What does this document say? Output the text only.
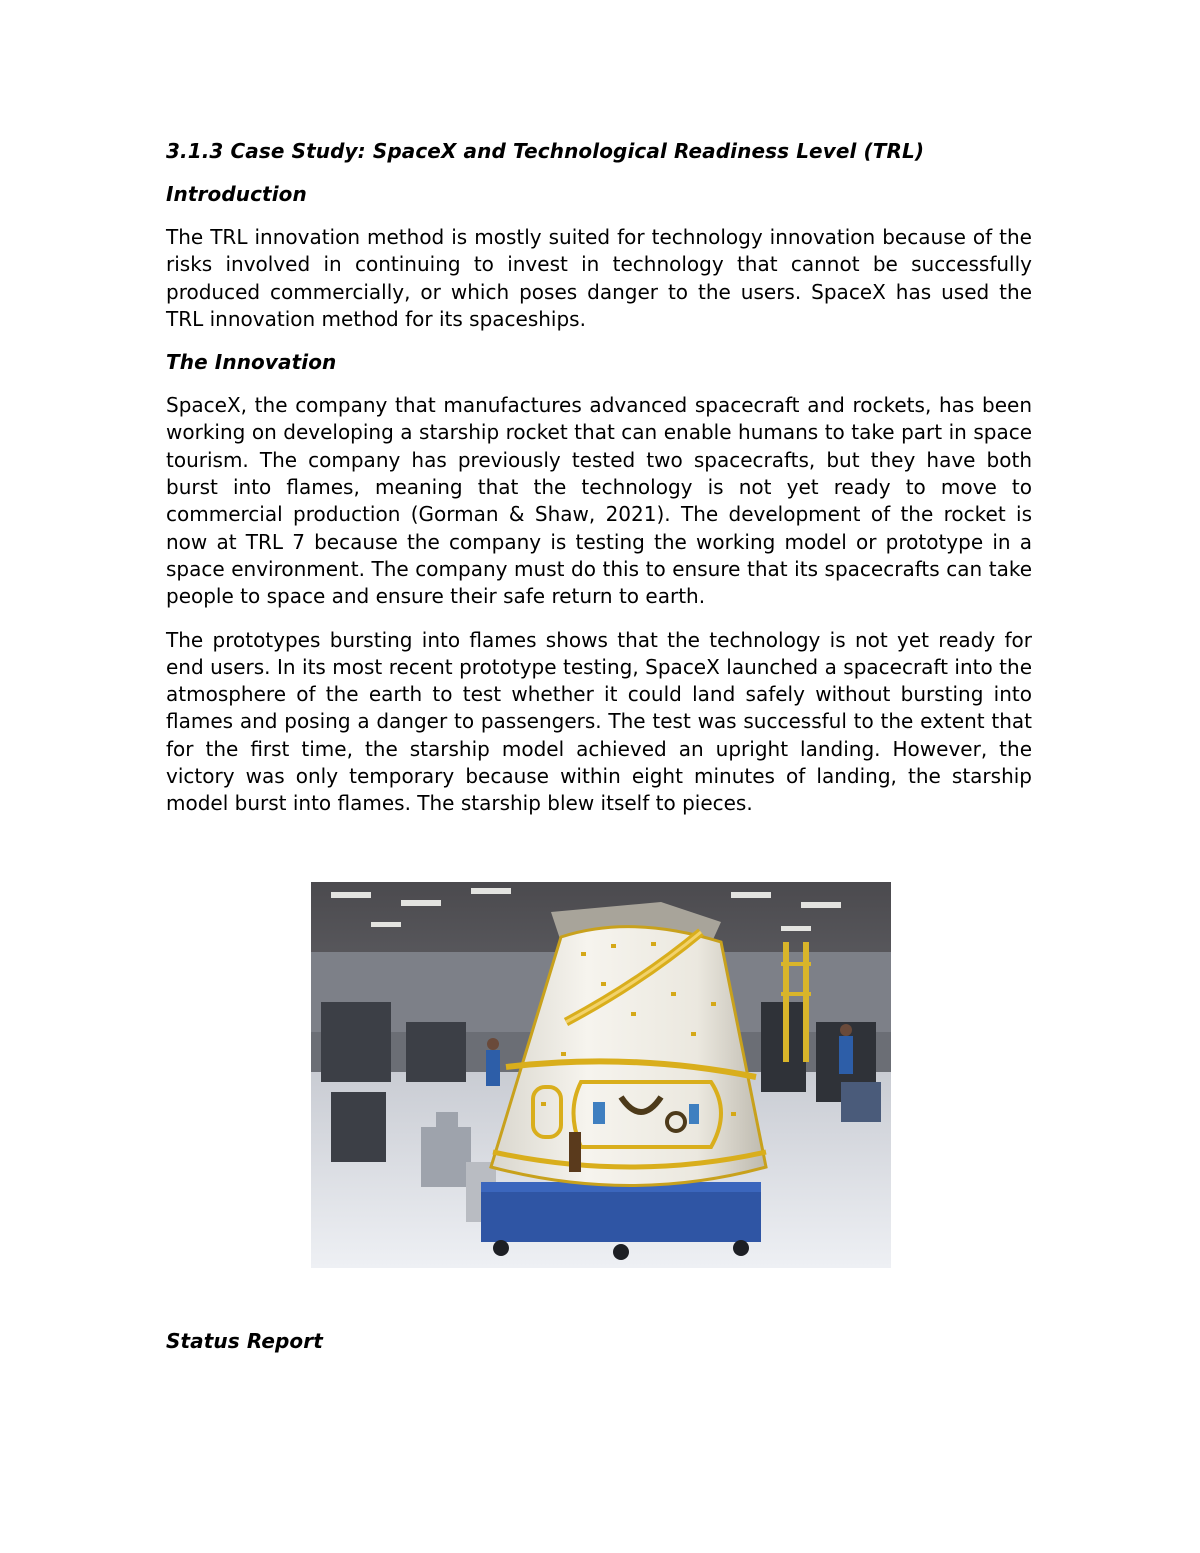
3.1.3 Case Study: SpaceX and Technological Readiness Level (TRL)

Introduction

The TRL innovation method is mostly suited for technology innovation because of the risks involved in continuing to invest in technology that cannot be successfully produced commercially, or which poses danger to the users. SpaceX has used the TRL innovation method for its spaceships.

The Innovation

SpaceX, the company that manufactures advanced spacecraft and rockets, has been working on developing a starship rocket that can enable humans to take part in space tourism. The company has previously tested two spacecrafts, but they have both burst into flames, meaning that the technology is not yet ready to move to commercial production (Gorman & Shaw, 2021). The development of the rocket is now at TRL 7 because the company is testing the working model or prototype in a space environment. The company must do this to ensure that its spacecrafts can take people to space and ensure their safe return to earth.

The prototypes bursting into flames shows that the technology is not yet ready for end users. In its most recent prototype testing, SpaceX launched a spacecraft into the atmosphere of the earth to test whether it could land safely without bursting into flames and posing a danger to passengers. The test was successful to the extent that for the first time, the starship model achieved an upright landing. However, the victory was only temporary because within eight minutes of landing, the starship model burst into flames. The starship blew itself to pieces.

Status Report
